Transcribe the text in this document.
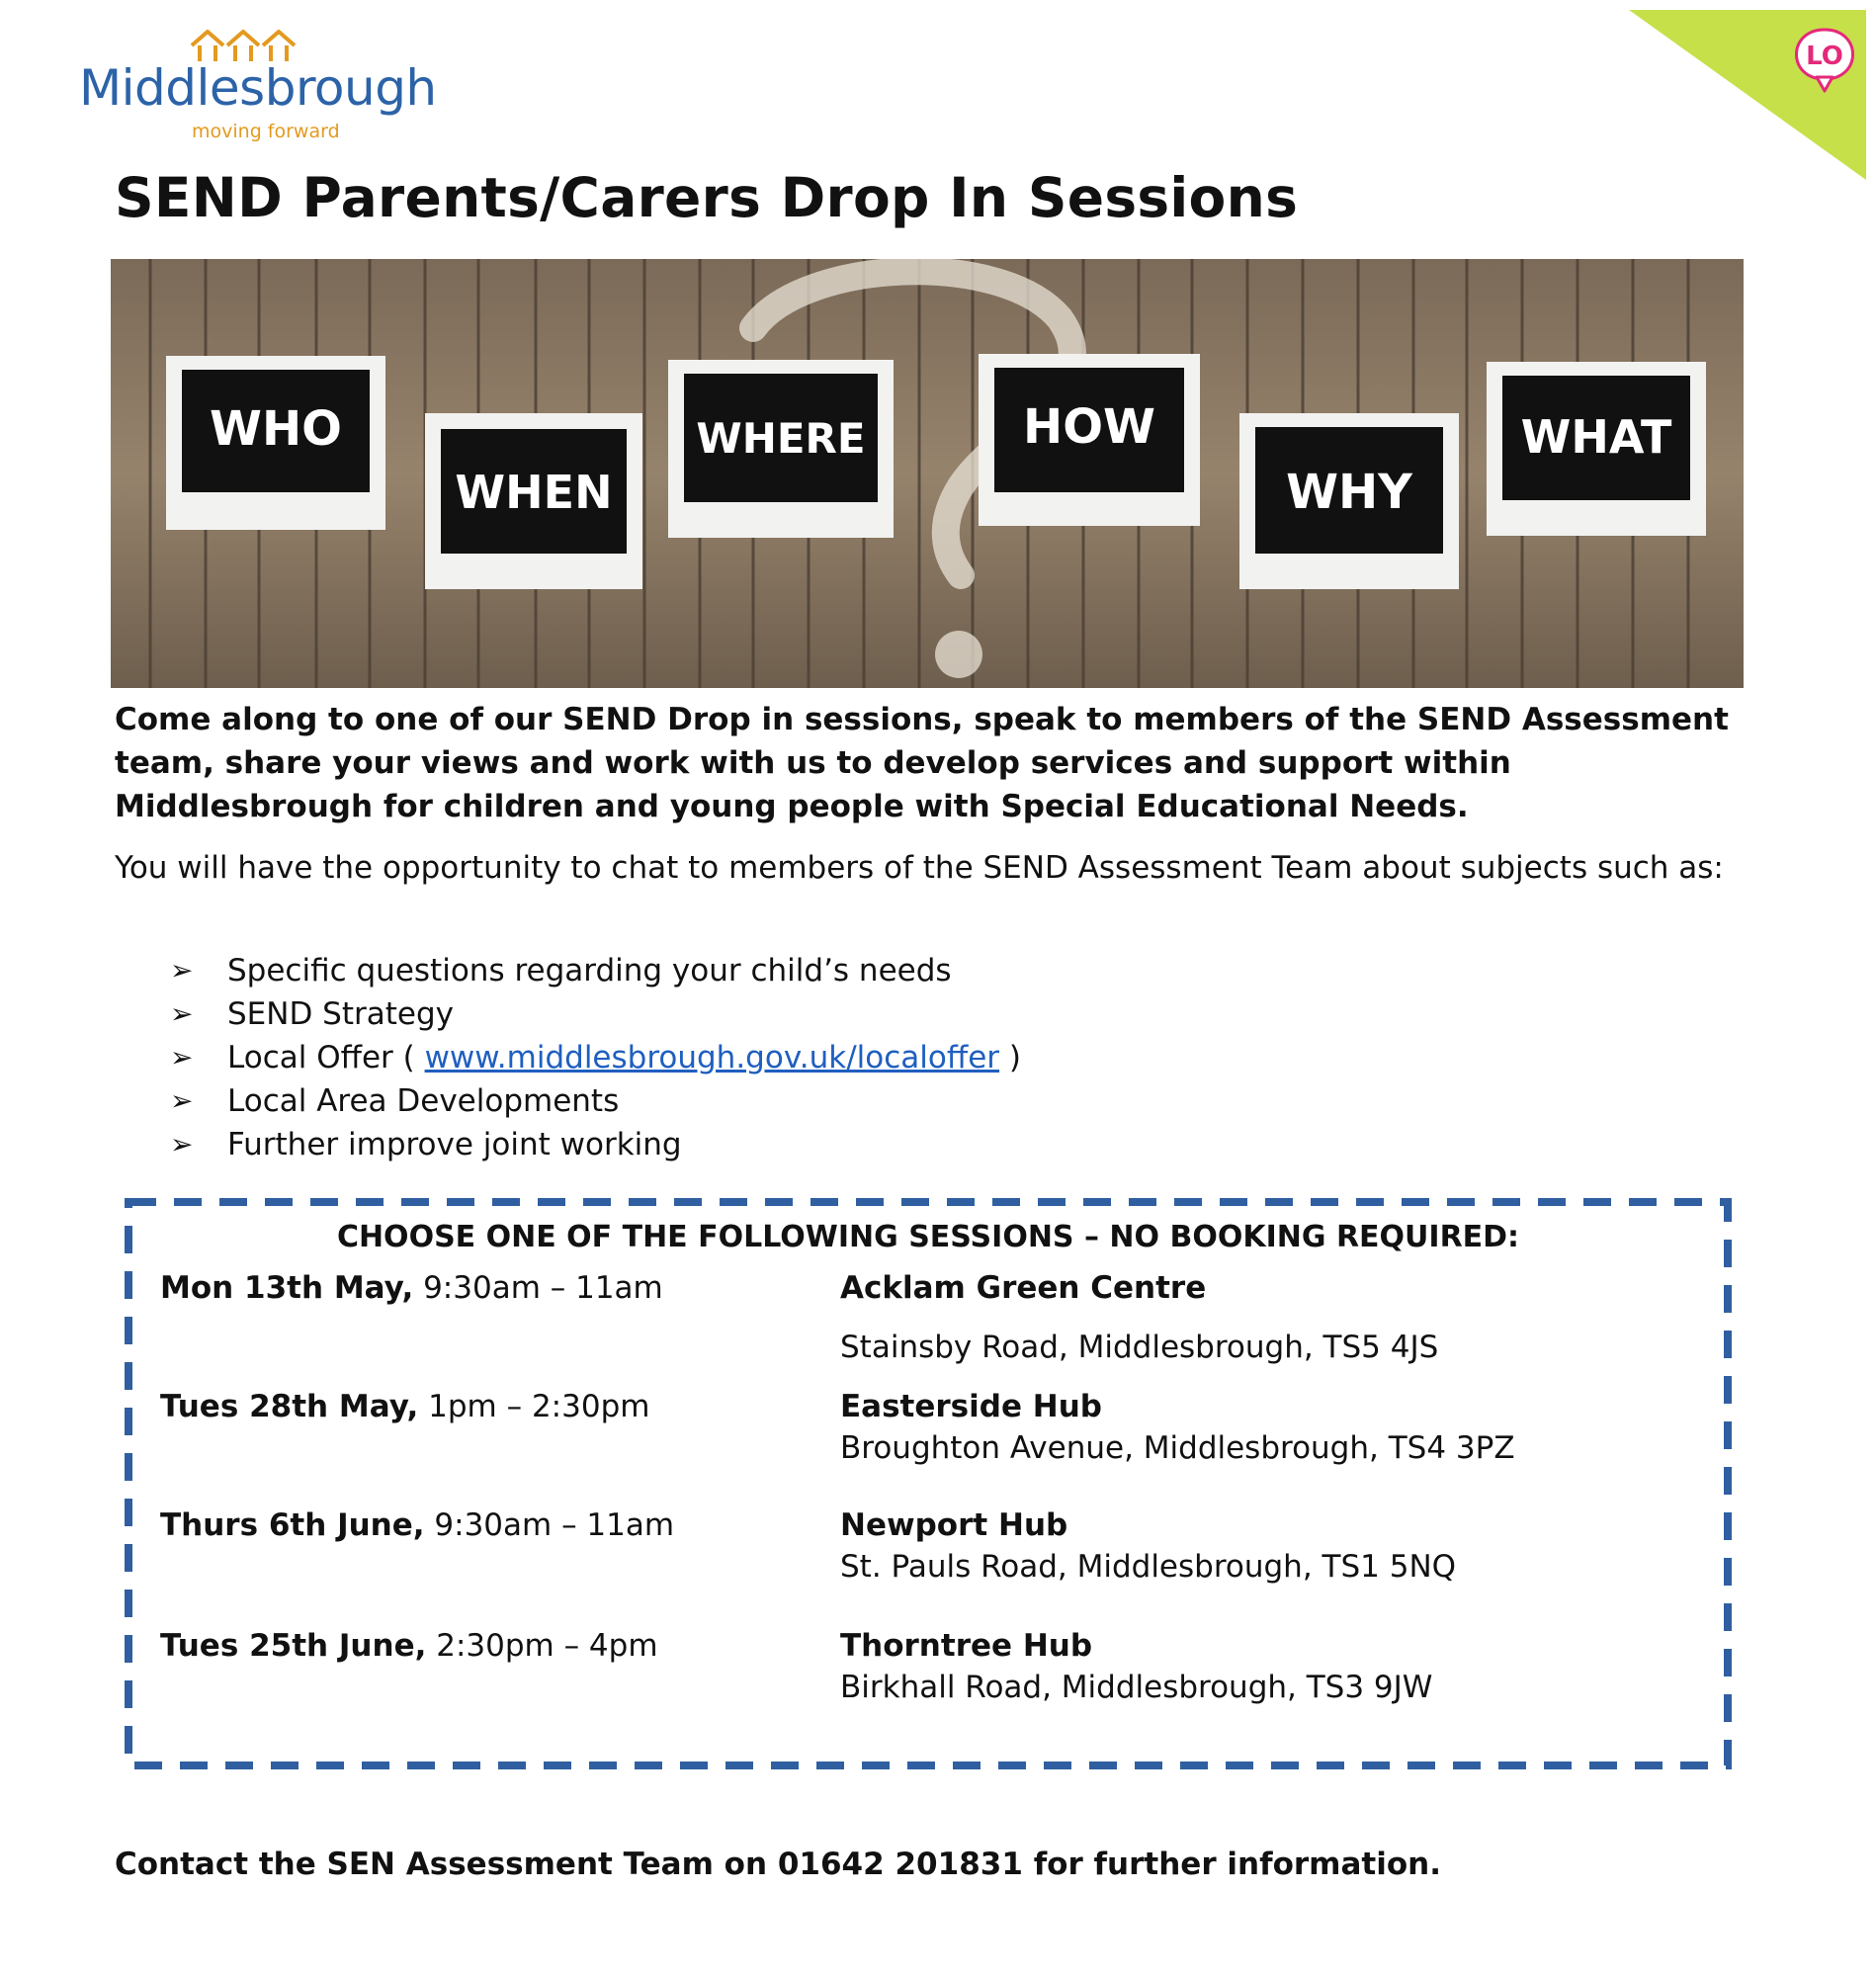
Middlesbrough
moving forward
LO
SEND Parents/Carers Drop In Sessions
WHO
WHEN
WHERE	HOW
WHY
WHAT
Come along to one of our SEND Drop in sessions, speak to members of the SEND Assessment team, share your views and work with us to develop services and support within Middlesbrough for children and young people with Special Educational Needs.
You will have the opportunity to chat to members of the SEND Assessment Team about subjects such as:
➢ Specific questions regarding your child’s needs
➢ SEND Strategy
➢ Local Offer ( www.middlesbrough.gov.uk/localoffer )
➢ Local Area Developments
➢ Further improve joint working
CHOOSE ONE OF THE FOLLOWING SESSIONS – NO BOOKING REQUIRED:
Mon 13th May, 9:30am – 11am	Acklam Green Centre
Stainsby Road, Middlesbrough, TS5 4JS
Tues 28th May, 1pm – 2:30pm	Easterside Hub
Broughton Avenue, Middlesbrough, TS4 3PZ
Thurs 6th June, 9:30am – 11am	Newport Hub
St. Pauls Road, Middlesbrough, TS1 5NQ
Tues 25th June, 2:30pm – 4pm	Thorntree Hub
Birkhall Road, Middlesbrough, TS3 9JW
Contact the SEN Assessment Team on 01642 201831 for further information.
